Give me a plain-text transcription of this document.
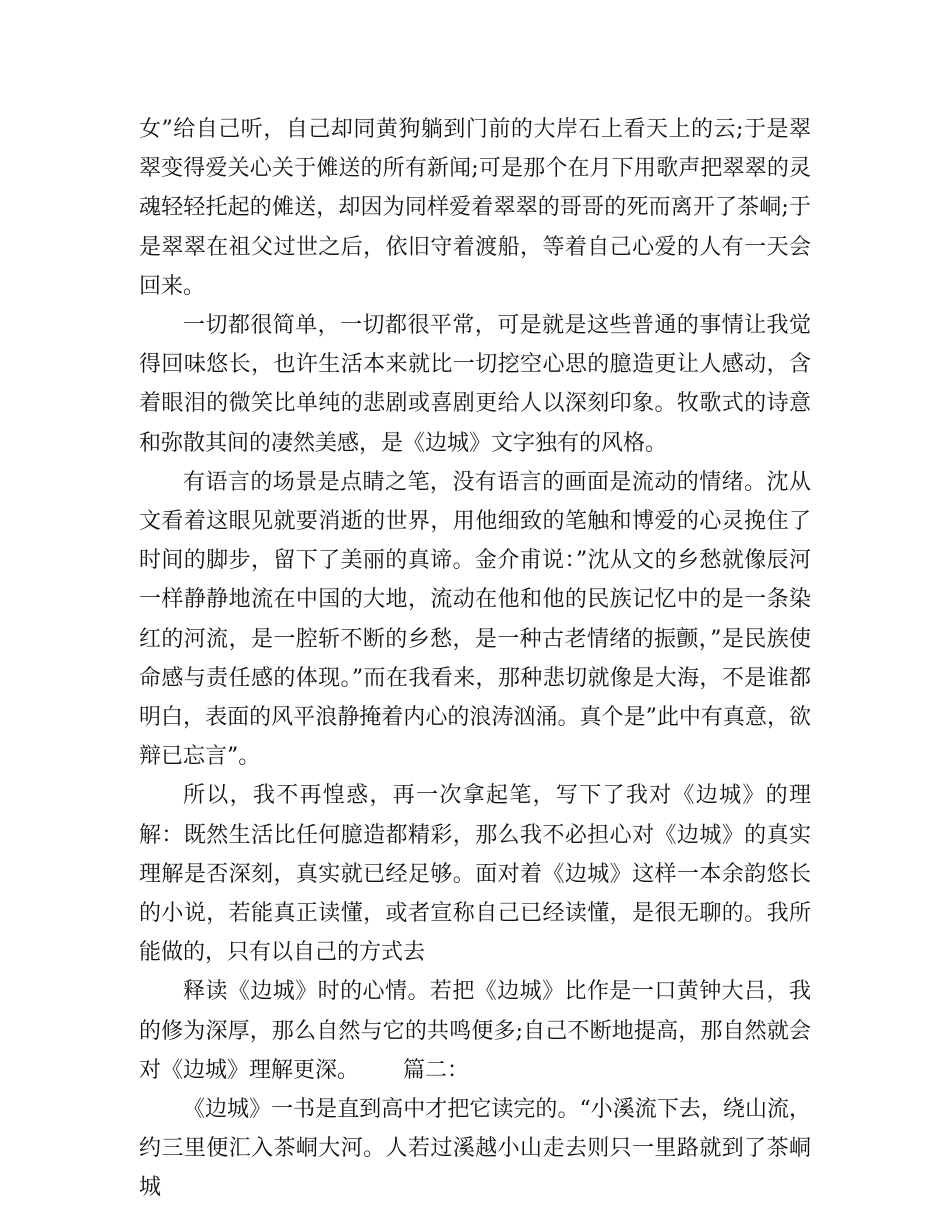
女”给自己听，自己却同黄狗躺到门前的大岸石上看天上的云;于是翠翠变得爱关心关于傩送的所有新闻;可是那个在月下用歌声把翠翠的灵魂轻轻托起的傩送，却因为同样爱着翠翠的哥哥的死而离开了茶峒;于是翠翠在祖父过世之后，依旧守着渡船，等着自己心爱的人有一天会回来。

一切都很简单，一切都很平常，可是就是这些普通的事情让我觉得回味悠长，也许生活本来就比一切挖空心思的臆造更让人感动，含着眼泪的微笑比单纯的悲剧或喜剧更给人以深刻印象。牧歌式的诗意和弥散其间的凄然美感，是《边城》文字独有的风格。

有语言的场景是点睛之笔，没有语言的画面是流动的情绪。沈从文看着这眼见就要消逝的世界，用他细致的笔触和博爱的心灵挽住了时间的脚步，留下了美丽的真谛。金介甫说：”沈从文的乡愁就像辰河一样静静地流在中国的大地，流动在他和他的民族记忆中的是一条染红的河流，是一腔斩不断的乡愁，是一种古老情绪的振颤，”是民族使命感与责任感的体现。”而在我看来，那种悲切就像是大海，不是谁都明白，表面的风平浪静掩着内心的浪涛汹涌。真个是”此中有真意，欲辩已忘言”。

所以，我不再惶惑，再一次拿起笔，写下了我对《边城》的理解：既然生活比任何臆造都精彩，那么我不必担心对《边城》的真实理解是否深刻，真实就已经足够。面对着《边城》这样一本余韵悠长的小说，若能真正读懂，或者宣称自己已经读懂，是很无聊的。我所能做的，只有以自己的方式去

释读《边城》时的心情。若把《边城》比作是一口黄钟大吕，我的修为深厚，那么自然与它的共鸣便多;自己不断地提高，那自然就会对《边城》理解更深。 篇二：

《边城》一书是直到高中才把它读完的。“小溪流下去，绕山流，约三里便汇入茶峒大河。人若过溪越小山走去则只一里路就到了茶峒城
